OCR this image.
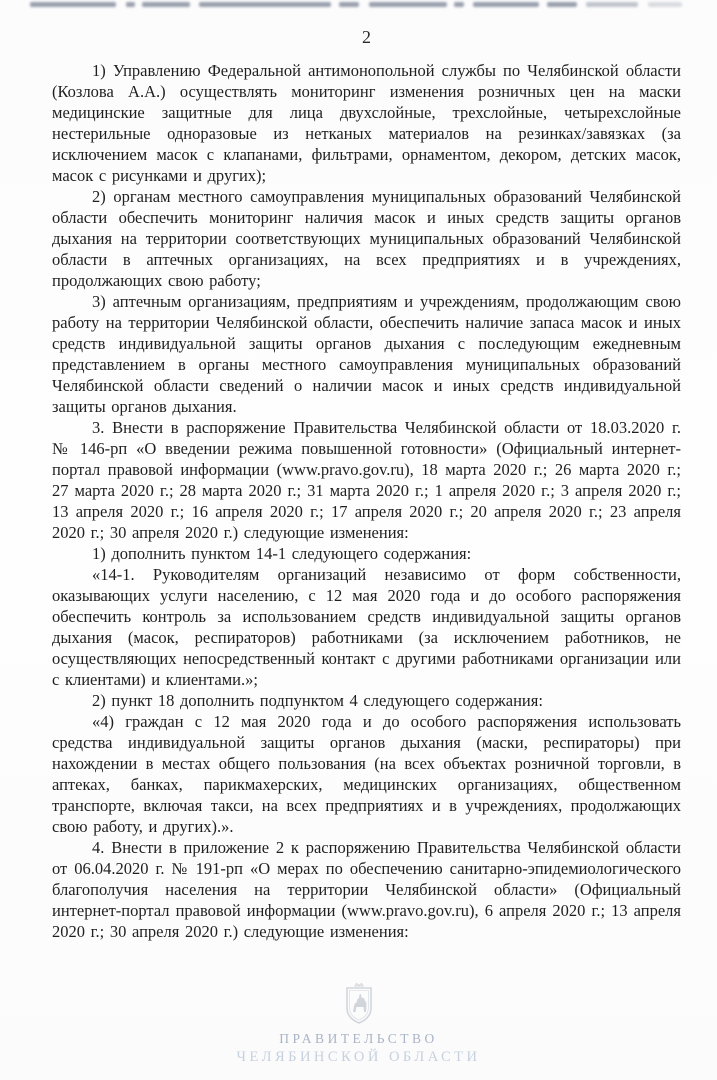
2

1) Управлению Федеральной антимонопольной службы по Челябинской области (Козлова А.А.) осуществлять мониторинг изменения розничных цен на маски медицинские защитные для лица двухслойные, трехслойные, четырехслойные нестерильные одноразовые из нетканых материалов на резинках/завязках (за исключением масок с клапанами, фильтрами, орнаментом, декором, детских масок, масок с рисунками и других);

2) органам местного самоуправления муниципальных образований Челябинской области обеспечить мониторинг наличия масок и иных средств защиты органов дыхания на территории соответствующих муниципальных образований Челябинской области в аптечных организациях, на всех предприятиях и в учреждениях, продолжающих свою работу;

3) аптечным организациям, предприятиям и учреждениям, продолжающим свою работу на территории Челябинской области, обеспечить наличие запаса масок и иных средств индивидуальной защиты органов дыхания с последующим ежедневным представлением в органы местного самоуправления муниципальных образований Челябинской области сведений о наличии масок и иных средств индивидуальной защиты органов дыхания.

3. Внести в распоряжение Правительства Челябинской области от 18.03.2020 г. № 146-рп «О введении режима повышенной готовности» (Официальный интернет-портал правовой информации (www.pravo.gov.ru), 18 марта 2020 г.; 26 марта 2020 г.; 27 марта 2020 г.; 28 марта 2020 г.; 31 марта 2020 г.; 1 апреля 2020 г.; 3 апреля 2020 г.; 13 апреля 2020 г.; 16 апреля 2020 г.; 17 апреля 2020 г.; 20 апреля 2020 г.; 23 апреля 2020 г.; 30 апреля 2020 г.) следующие изменения:

1) дополнить пунктом 14-1 следующего содержания:

«14-1. Руководителям организаций независимо от форм собственности, оказывающих услуги населению, с 12 мая 2020 года и до особого распоряжения обеспечить контроль за использованием средств индивидуальной защиты органов дыхания (масок, респираторов) работниками (за исключением работников, не осуществляющих непосредственный контакт с другими работниками организации или с клиентами) и клиентами.»;

2) пункт 18 дополнить подпунктом 4 следующего содержания:

«4) граждан с 12 мая 2020 года и до особого распоряжения использовать средства индивидуальной защиты органов дыхания (маски, респираторы) при нахождении в местах общего пользования (на всех объектах розничной торговли, в аптеках, банках, парикмахерских, медицинских организациях, общественном транспорте, включая такси, на всех предприятиях и в учреждениях, продолжающих свою работу, и других).».

4. Внести в приложение 2 к распоряжению Правительства Челябинской области от 06.04.2020 г. № 191-рп «О мерах по обеспечению санитарно-эпидемиологического благополучия населения на территории Челябинской области» (Официальный интернет-портал правовой информации (www.pravo.gov.ru), 6 апреля 2020 г.; 13 апреля 2020 г.; 30 апреля 2020 г.) следующие изменения:

ПРАВИТЕЛЬСТВО
ЧЕЛЯБИНСКОЙ ОБЛАСТИ
